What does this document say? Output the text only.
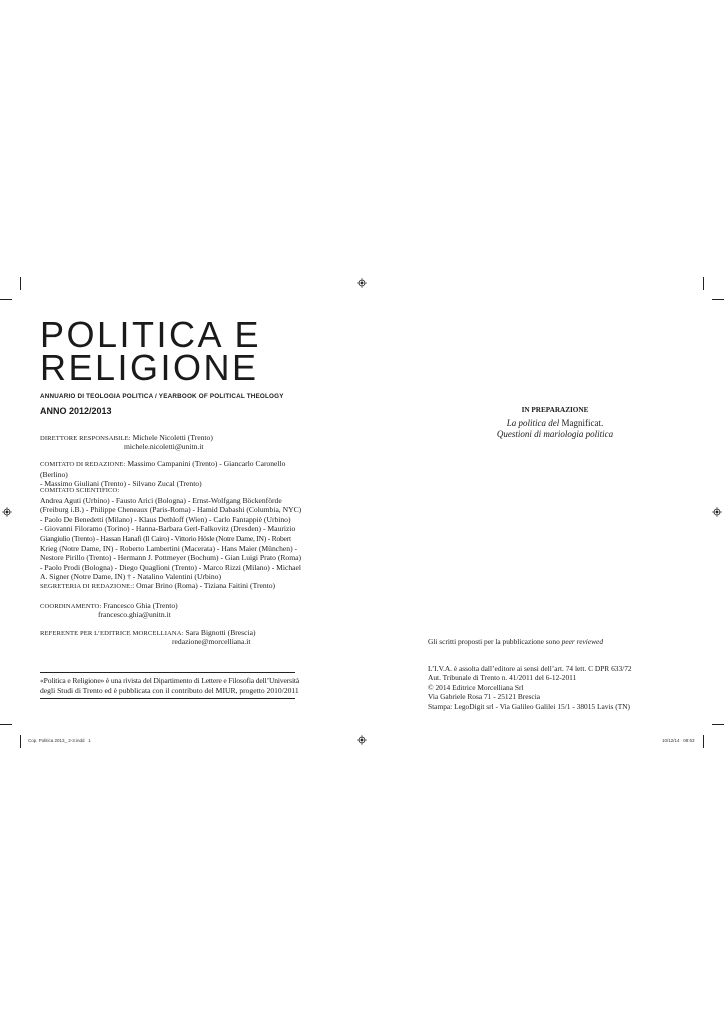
POLITICA E
RELIGIONE
ANNUARIO DI TEOLOGIA POLITICA / YEARBOOK OF POLITICAL THEOLOGY
ANNO 2012/2013
DIRETTORE RESPONSABILE: Michele Nicoletti (Trento)
michele.nicoletti@unitn.it
COMITATO DI REDAZIONE: Massimo Campanini (Trento) - Giancarlo Caronello (Berlino)
- Massimo Giuliani (Trento) - Silvano Zucal (Trento)
COMITATO SCIENTIFICO:
Andrea Aguti (Urbino) - Fausto Arici (Bologna) - Ernst-Wolfgang Böckenförde
(Freiburg i.B.) - Philippe Cheneaux (Paris-Roma) - Hamid Dabashi (Columbia, NYC)
- Paolo De Benedetti (Milano) - Klaus Dethloff (Wien) - Carlo Fantappiè (Urbino)
- Giovanni Filoramo (Torino) - Hanna-Barbara Gerl-Falkovitz (Dresden) - Maurizio
Giangiulio (Trento) - Hassan Hanafi (Il Cairo) - Vittorio Hösle (Notre Dame, IN) - Robert
Krieg (Notre Dame, IN) - Roberto Lambertini (Macerata) - Hans Maier (München) -
Nestore Pirillo (Trento) - Hermann J. Pottmeyer (Bochum) - Gian Luigi Prato (Roma)
- Paolo Prodi (Bologna) - Diego Quaglioni (Trento) - Marco Rizzi (Milano) - Michael
A. Signer (Notre Dame, IN) † - Natalino Valentini (Urbino)
SEGRETERIA DI REDAZIONE:: Omar Brino (Roma) - Tiziana Faitini (Trento)
COORDINAMENTO: Francesco Ghia (Trento)
francesco.ghia@unitn.it
REFERENTE PER L’EDITRICE MORCELLIANA: Sara Bignotti (Brescia)
redazione@morcelliana.it
«Politica e Religione» è una rivista del Dipartimento di Lettere e Filosofia dell’Università
degli Studi di Trento ed è pubblicata con il contributo del MIUR, progetto 2010/2011
IN PREPARAZIONE
La politica del Magnificat.
Questioni di mariologia politica
Gli scritti proposti per la pubblicazione sono peer reviewed
L’I.V.A. è assolta dall’editore ai sensi dell’art. 74 lett. C DPR 633/72
Aut. Tribunale di Trento n. 41/2011 del 6-12-2011
© 2014 Editrice Morcelliana Srl
Via Gabriele Rosa 71 - 25121 Brescia
Stampa: LegoDigit srl - Via Galileo Galilei 15/1 - 38015 Lavis (TN)
Cop. Politica 2013_ 2-3.indd   1	10/12/14   08:53
